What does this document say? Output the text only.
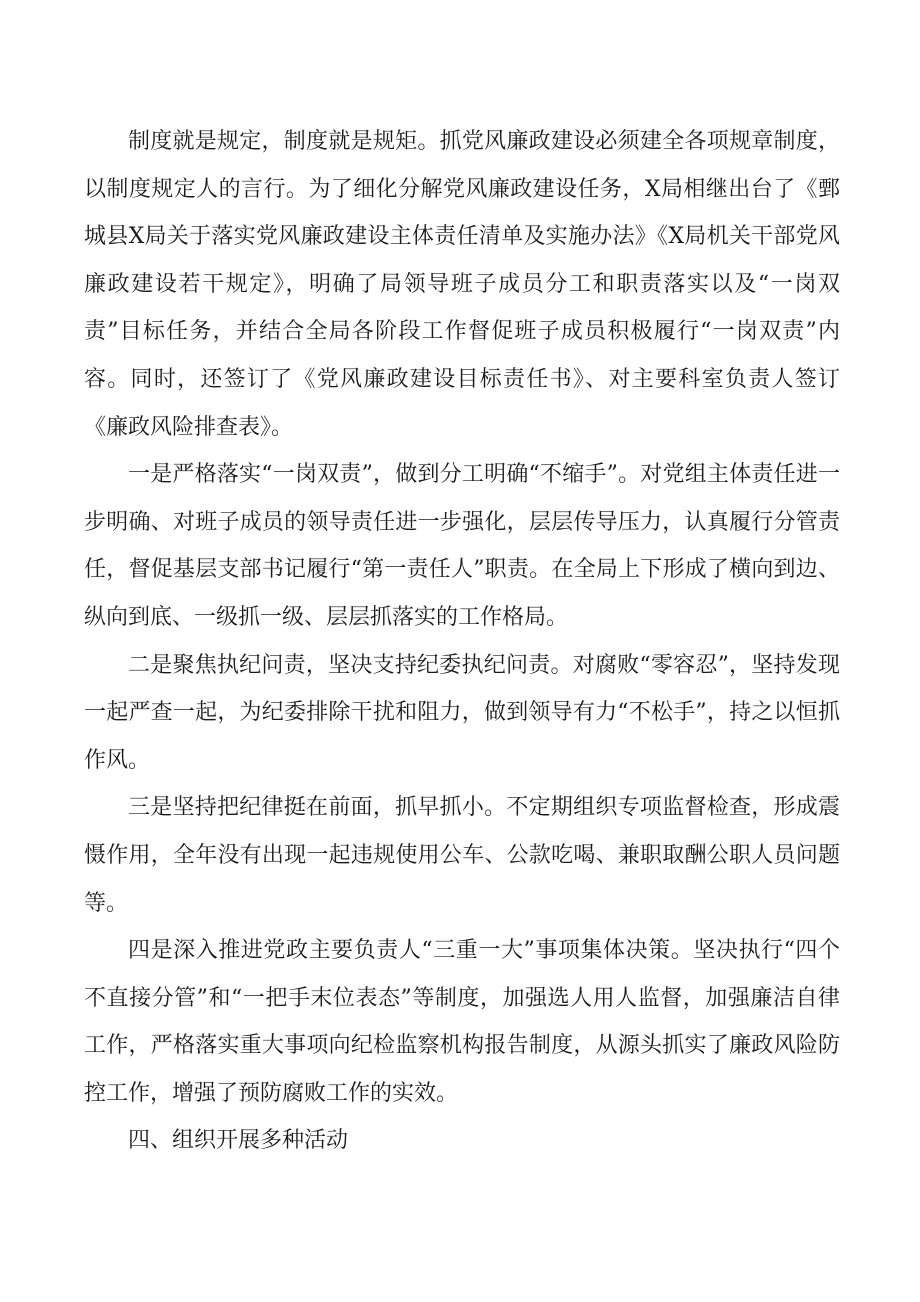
制度就是规定，制度就是规矩。抓党风廉政建设必须建全各项规章制度，以制度规定人的言行。为了细化分解党风廉政建设任务，X局相继出台了《鄄城县X局关于落实党风廉政建设主体责任清单及实施办法》《X局机关干部党风廉政建设若干规定》，明确了局领导班子成员分工和职责落实以及“一岗双责”目标任务，并结合全局各阶段工作督促班子成员积极履行“一岗双责”内容。同时，还签订了《党风廉政建设目标责任书》、对主要科室负责人签订《廉政风险排查表》。

一是严格落实“一岗双责”，做到分工明确“不缩手”。对党组主体责任进一步明确、对班子成员的领导责任进一步强化，层层传导压力，认真履行分管责任，督促基层支部书记履行“第一责任人”职责。在全局上下形成了横向到边、纵向到底、一级抓一级、层层抓落实的工作格局。

二是聚焦执纪问责，坚决支持纪委执纪问责。对腐败“零容忍”，坚持发现一起严查一起，为纪委排除干扰和阻力，做到领导有力“不松手”，持之以恒抓作风。

三是坚持把纪律挺在前面，抓早抓小。不定期组织专项监督检查，形成震慑作用，全年没有出现一起违规使用公车、公款吃喝、兼职取酬公职人员问题等。

四是深入推进党政主要负责人“三重一大”事项集体决策。坚决执行“四个不直接分管”和“一把手末位表态”等制度，加强选人用人监督，加强廉洁自律工作，严格落实重大事项向纪检监察机构报告制度，从源头抓实了廉政风险防控工作，增强了预防腐败工作的实效。

四、组织开展多种活动
